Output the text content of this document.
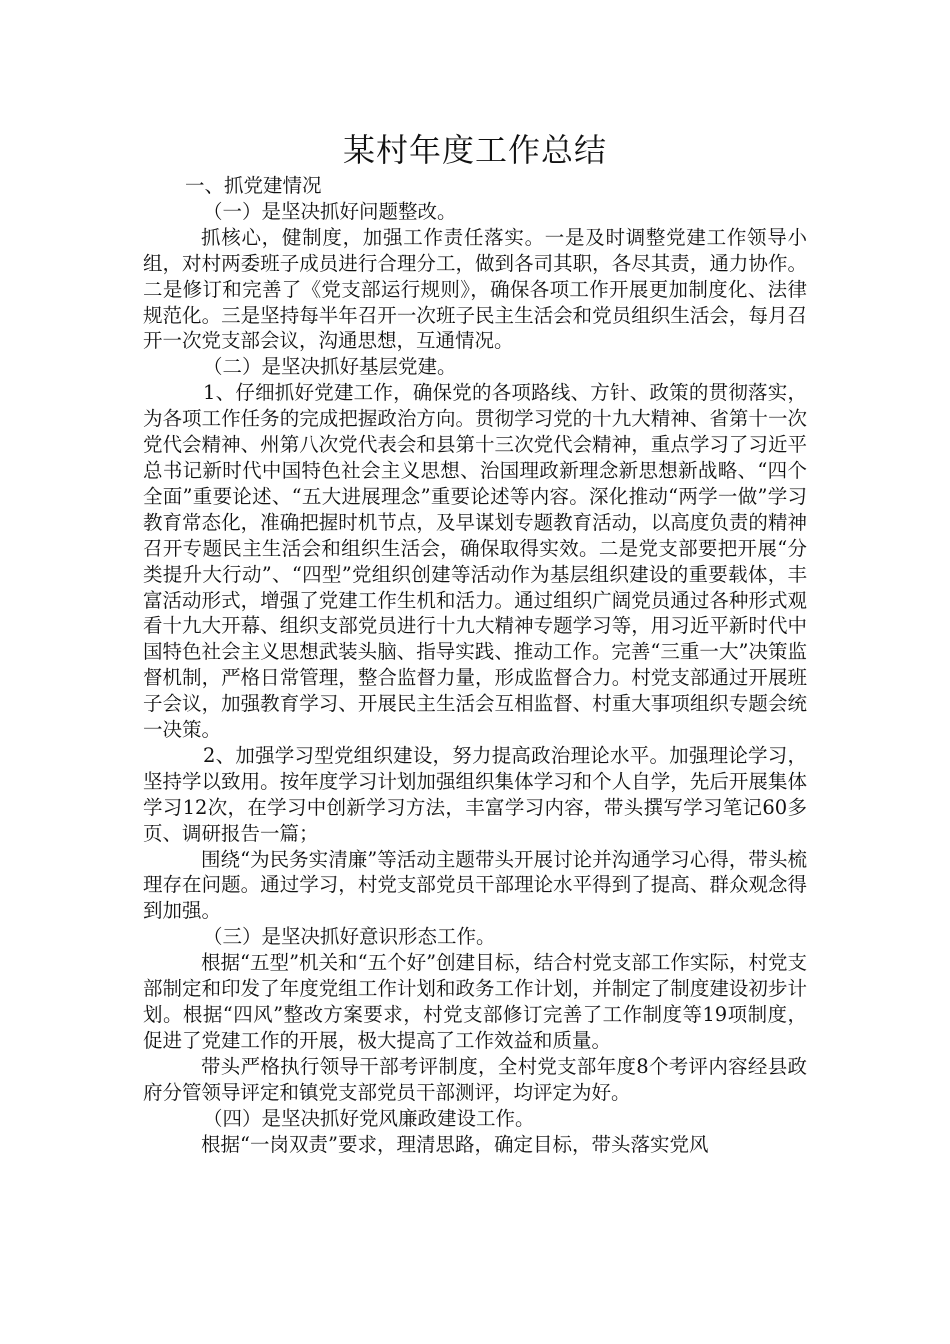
某村年度工作总结

一、抓党建情况

（一）是坚决抓好问题整改。

抓核心，健制度，加强工作责任落实。一是及时调整党建工作领导小组，对村两委班子成员进行合理分工，做到各司其职，各尽其责，通力协作。二是修订和完善了《党支部运行规则》，确保各项工作开展更加制度化、法律规范化。三是坚持每半年召开一次班子民主生活会和党员组织生活会，每月召开一次党支部会议，沟通思想，互通情况。

（二）是坚决抓好基层党建。

1、仔细抓好党建工作，确保党的各项路线、方针、政策的贯彻落实，为各项工作任务的完成把握政治方向。贯彻学习党的十九大精神、省第十一次党代会精神、州第八次党代表会和县第十三次党代会精神，重点学习了习近平总书记新时代中国特色社会主义思想、治国理政新理念新思想新战略、“四个全面”重要论述、“五大进展理念”重要论述等内容。深化推动“两学一做”学习教育常态化，准确把握时机节点，及早谋划专题教育活动，以高度负责的精神召开专题民主生活会和组织生活会，确保取得实效。二是党支部要把开展“分类提升大行动”、“四型”党组织创建等活动作为基层组织建设的重要载体，丰富活动形式，增强了党建工作生机和活力。通过组织广阔党员通过各种形式观看十九大开幕、组织支部党员进行十九大精神专题学习等，用习近平新时代中国特色社会主义思想武装头脑、指导实践、推动工作。完善“三重一大”决策监督机制，严格日常管理，整合监督力量，形成监督合力。村党支部通过开展班子会议，加强教育学习、开展民主生活会互相监督、村重大事项组织专题会统一决策。

2、加强学习型党组织建设，努力提高政治理论水平。加强理论学习，坚持学以致用。按年度学习计划加强组织集体学习和个人自学，先后开展集体学习12次，在学习中创新学习方法，丰富学习内容，带头撰写学习笔记60多页、调研报告一篇；

围绕“为民务实清廉”等活动主题带头开展讨论并沟通学习心得，带头梳理存在问题。通过学习，村党支部党员干部理论水平得到了提高、群众观念得到加强。

（三）是坚决抓好意识形态工作。

根据“五型”机关和“五个好”创建目标，结合村党支部工作实际，村党支部制定和印发了年度党组工作计划和政务工作计划，并制定了制度建设初步计划。根据“四风”整改方案要求，村党支部修订完善了工作制度等19项制度，促进了党建工作的开展，极大提高了工作效益和质量。

带头严格执行领导干部考评制度，全村党支部年度8个考评内容经县政府分管领导评定和镇党支部党员干部测评，均评定为好。

（四）是坚决抓好党风廉政建设工作。

根据“一岗双责”要求，理清思路，确定目标，带头落实党风
